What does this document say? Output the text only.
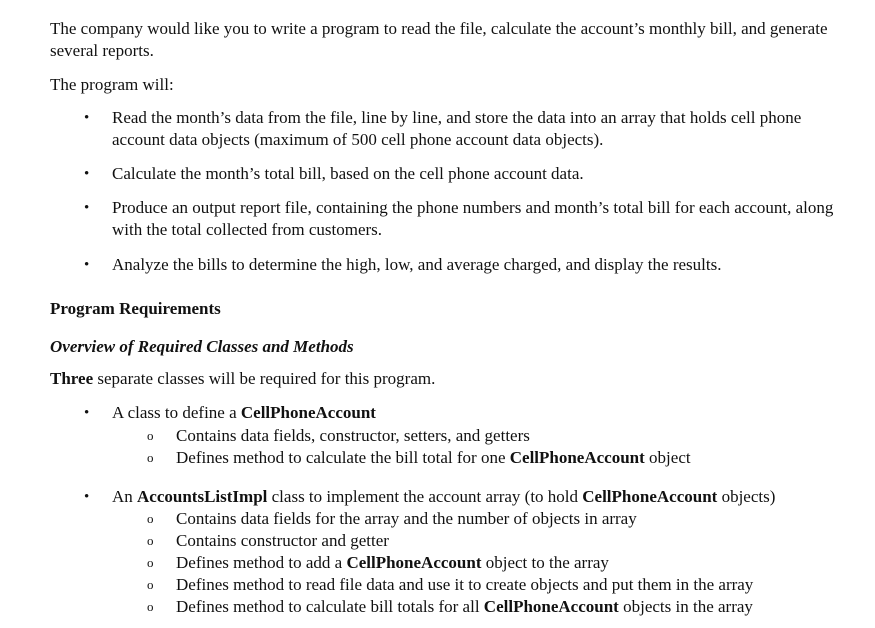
The company would like you to write a program to read the file, calculate the account’s monthly bill, and generate several reports.

The program will:

• Read the month’s data from the file, line by line, and store the data into an array that holds cell phone account data objects (maximum of 500 cell phone account data objects).
• Calculate the month’s total bill, based on the cell phone account data.
• Produce an output report file, containing the phone numbers and month’s total bill for each account, along with the total collected from customers.
• Analyze the bills to determine the high, low, and average charged, and display the results.

Program Requirements

Overview of Required Classes and Methods

Three separate classes will be required for this program.

• A class to define a CellPhoneAccount
o Contains data fields, constructor, setters, and getters
o Defines method to calculate the bill total for one CellPhoneAccount object
• An AccountsListImpl class to implement the account array (to hold CellPhoneAccount objects)
o Contains data fields for the array and the number of objects in array
o Contains constructor and getter
o Defines method to add a CellPhoneAccount object to the array
o Defines method to read file data and use it to create objects and put them in the array
o Defines method to calculate bill totals for all CellPhoneAccount objects in the array
